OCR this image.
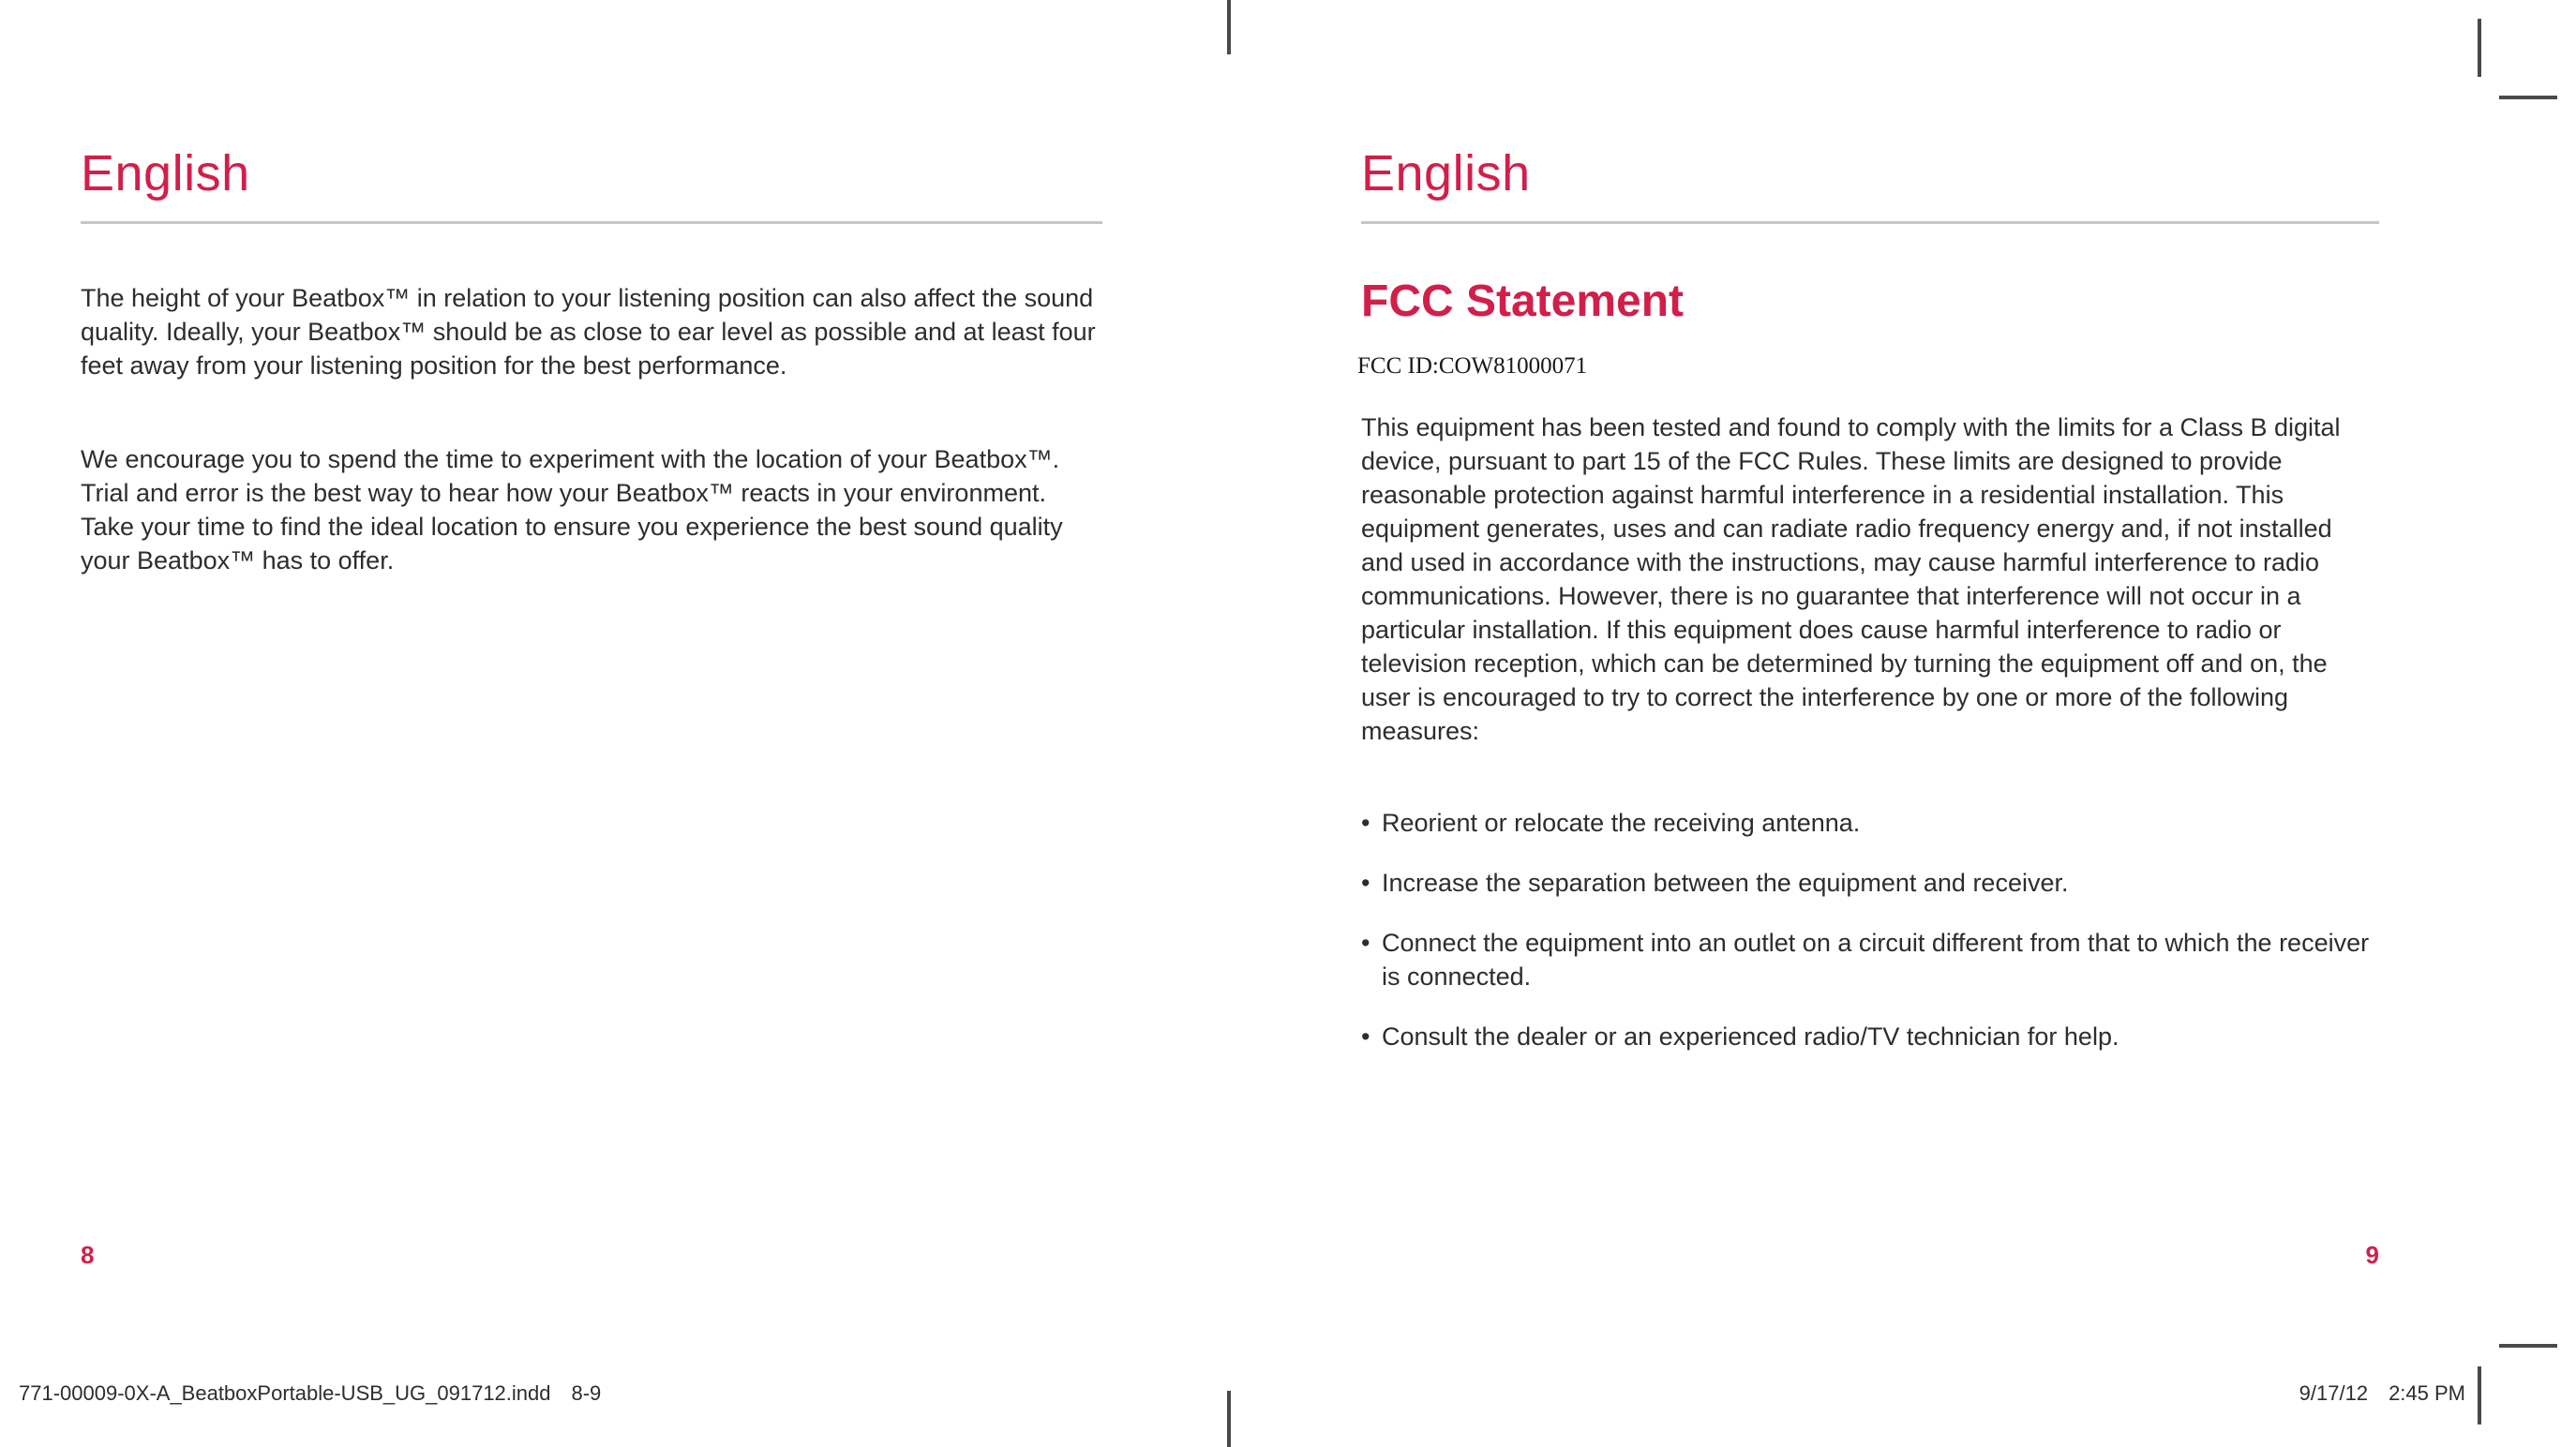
English

The height of your Beatbox™ in relation to your listening position can also affect the sound quality. Ideally, your Beatbox™ should be as close to ear level as possible and at least four feet away from your listening position for the best performance.

We encourage you to spend the time to experiment with the location of your Beatbox™. Trial and error is the best way to hear how your Beatbox™ reacts in your environment. Take your time to find the ideal location to ensure you experience the best sound quality your Beatbox™ has to offer.

8

English
FCC Statement

FCC ID:COW81000071

This equipment has been tested and found to comply with the limits for a Class B digital device, pursuant to part 15 of the FCC Rules. These limits are designed to provide reasonable protection against harmful interference in a residential installation. This equipment generates, uses and can radiate radio frequency energy and, if not installed and used in accordance with the instructions, may cause harmful interference to radio communications. However, there is no guarantee that interference will not occur in a particular installation. If this equipment does cause harmful interference to radio or television reception, which can be determined by turning the equipment off and on, the user is encouraged to try to correct the interference by one or more of the following measures:

• Reorient or relocate the receiving antenna.
• Increase the separation between the equipment and receiver.
• Connect the equipment into an outlet on a circuit different from that to which the receiver is connected.
• Consult the dealer or an experienced radio/TV technician for help.

9

771-00009-0X-A_BeatboxPortable-USB_UG_091712.indd 8-9	9/17/12 2:45 PM
